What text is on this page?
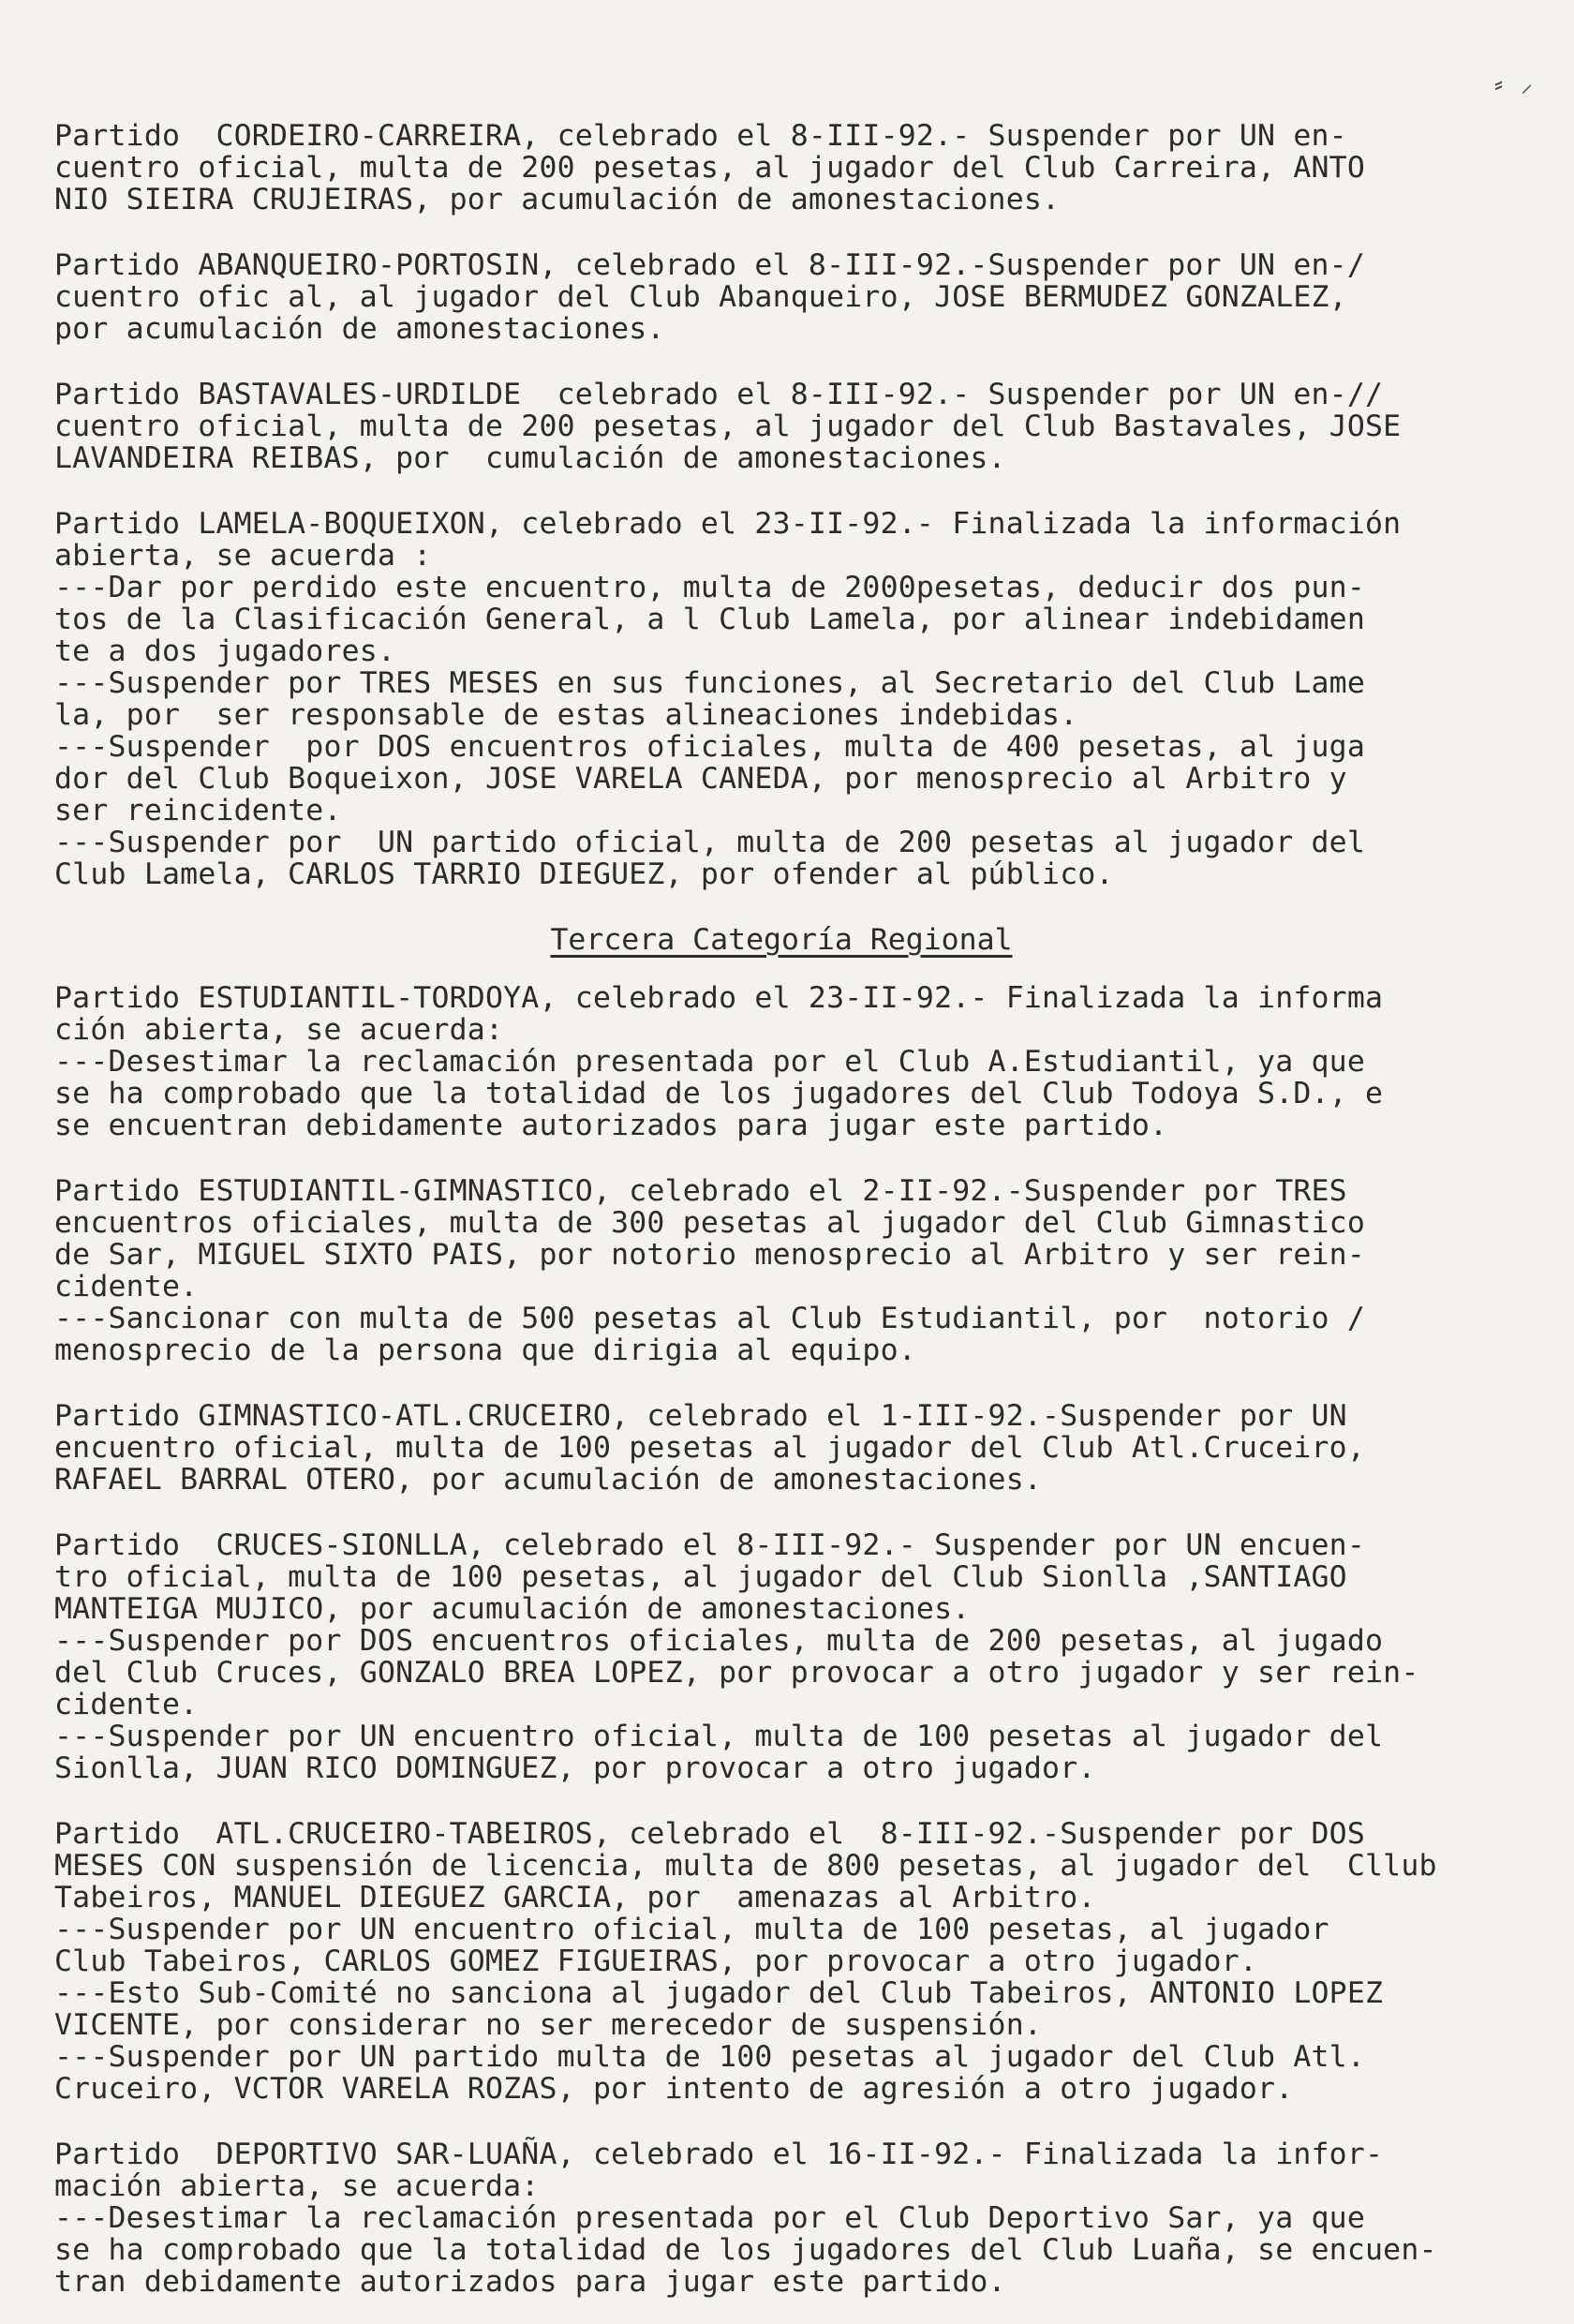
⸗ ⸝

Partido  CORDEIRO-CARREIRA, celebrado el 8-III-92.- Suspender por UN en-
cuentro oficial, multa de 200 pesetas, al jugador del Club Carreira, ANTO
NIO SIEIRA CRUJEIRAS, por acumulación de amonestaciones.

Partido ABANQUEIRO-PORTOSIN, celebrado el 8-III-92.-Suspender por UN en-/
cuentro ofic al, al jugador del Club Abanqueiro, JOSE BERMUDEZ GONZALEZ,
por acumulación de amonestaciones.

Partido BASTAVALES-URDILDE  celebrado el 8-III-92.- Suspender por UN en-//
cuentro oficial, multa de 200 pesetas, al jugador del Club Bastavales, JOSE
LAVANDEIRA REIBAS, por  cumulación de amonestaciones.

Partido LAMELA-BOQUEIXON, celebrado el 23-II-92.- Finalizada la información
abierta, se acuerda :
---Dar por perdido este encuentro, multa de 2000pesetas, deducir dos pun-
tos de la Clasificación General, a l Club Lamela, por alinear indebidamen
te a dos jugadores.
---Suspender por TRES MESES en sus funciones, al Secretario del Club Lame
la, por  ser responsable de estas alineaciones indebidas.
---Suspender  por DOS encuentros oficiales, multa de 400 pesetas, al juga
dor del Club Boqueixon, JOSE VARELA CANEDA, por menosprecio al Arbitro y
ser reincidente.
---Suspender por  UN partido oficial, multa de 200 pesetas al jugador del
Club Lamela, CARLOS TARRIO DIEGUEZ, por ofender al público.

Tercera Categoría Regional

Partido ESTUDIANTIL-TORDOYA, celebrado el 23-II-92.- Finalizada la informa
ción abierta, se acuerda:
---Desestimar la reclamación presentada por el Club A.Estudiantil, ya que
se ha comprobado que la totalidad de los jugadores del Club Todoya S.D., e
se encuentran debidamente autorizados para jugar este partido.

Partido ESTUDIANTIL-GIMNASTICO, celebrado el 2-II-92.-Suspender por TRES
encuentros oficiales, multa de 300 pesetas al jugador del Club Gimnastico
de Sar, MIGUEL SIXTO PAIS, por notorio menosprecio al Arbitro y ser rein-
cidente.
---Sancionar con multa de 500 pesetas al Club Estudiantil, por  notorio /
menosprecio de la persona que dirigia al equipo.

Partido GIMNASTICO-ATL.CRUCEIRO, celebrado el 1-III-92.-Suspender por UN
encuentro oficial, multa de 100 pesetas al jugador del Club Atl.Cruceiro,
RAFAEL BARRAL OTERO, por acumulación de amonestaciones.

Partido  CRUCES-SIONLLA, celebrado el 8-III-92.- Suspender por UN encuen-
tro oficial, multa de 100 pesetas, al jugador del Club Sionlla ,SANTIAGO
MANTEIGA MUJICO, por acumulación de amonestaciones.
---Suspender por DOS encuentros oficiales, multa de 200 pesetas, al jugado
del Club Cruces, GONZALO BREA LOPEZ, por provocar a otro jugador y ser rein-
cidente.
---Suspender por UN encuentro oficial, multa de 100 pesetas al jugador del
Sionlla, JUAN RICO DOMINGUEZ, por provocar a otro jugador.

Partido  ATL.CRUCEIRO-TABEIROS, celebrado el  8-III-92.-Suspender por DOS
MESES CON suspensión de licencia, multa de 800 pesetas, al jugador del  Cllub
Tabeiros, MANUEL DIEGUEZ GARCIA, por  amenazas al Arbitro.
---Suspender por UN encuentro oficial, multa de 100 pesetas, al jugador
Club Tabeiros, CARLOS GOMEZ FIGUEIRAS, por provocar a otro jugador.
---Esto Sub-Comité no sanciona al jugador del Club Tabeiros, ANTONIO LOPEZ
VICENTE, por considerar no ser merecedor de suspensión.
---Suspender por UN partido multa de 100 pesetas al jugador del Club Atl.
Cruceiro, VCTOR VARELA ROZAS, por intento de agresión a otro jugador.

Partido  DEPORTIVO SAR-LUAÑA, celebrado el 16-II-92.- Finalizada la infor-
mación abierta, se acuerda:
---Desestimar la reclamación presentada por el Club Deportivo Sar, ya que
se ha comprobado que la totalidad de los jugadores del Club Luaña, se encuen-
tran debidamente autorizados para jugar este partido.
